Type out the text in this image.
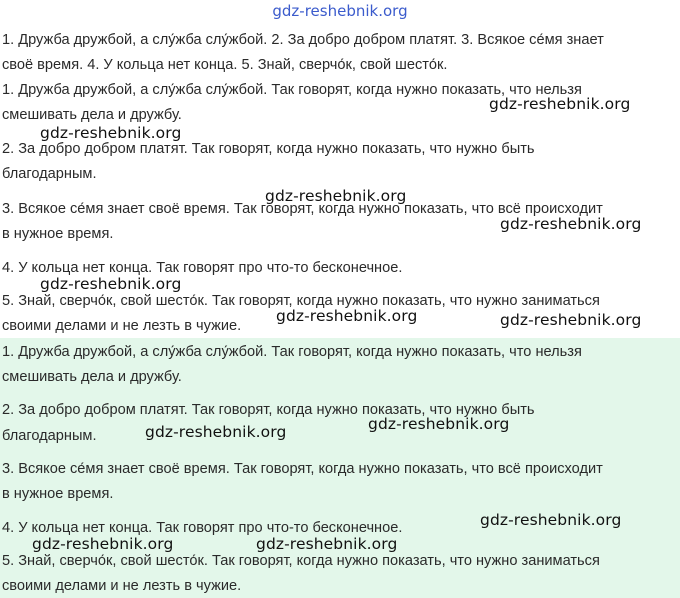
gdz-reshebnik.org
1. Дружба дружбой, а слу́жба слу́жбой. 2. За добро добром платят. 3. Всякое се́мя знает
своё время. 4. У кольца нет конца. 5. Знай, сверчо́к, свой шесто́к.
1. Дружба дружбой, а слу́жба слу́жбой. Так говорят, когда нужно показать, что нельзя
смешивать дела и дружбу.
2. За добро добром платят. Так говорят, когда нужно показать, что нужно быть
благодарным.
3. Всякое се́мя знает своё время. Так говорят, когда нужно показать, что всё происходит
в нужное время.
4. У кольца нет конца. Так говорят про что-то бесконечное.
5. Знай, сверчо́к, свой шесто́к. Так говорят, когда нужно показать, что нужно заниматься
своими делами и не лезть в чужие.
1. Дружба дружбой, а слу́жба слу́жбой. Так говорят, когда нужно показать, что нельзя
смешивать дела и дружбу.
2. За добро добром платят. Так говорят, когда нужно показать, что нужно быть
благодарным.
3. Всякое се́мя знает своё время. Так говорят, когда нужно показать, что всё происходит
в нужное время.
4. У кольца нет конца. Так говорят про что-то бесконечное.
5. Знай, сверчо́к, свой шесто́к. Так говорят, когда нужно показать, что нужно заниматься
своими делами и не лезть в чужие.
gdz-reshebnik.org
gdz-reshebnik.org
gdz-reshebnik.org
gdz-reshebnik.org
gdz-reshebnik.org
gdz-reshebnik.org	gdz-reshebnik.org
gdz-reshebnik.org
gdz-reshebnik.org
gdz-reshebnik.org
gdz-reshebnik.org	gdz-reshebnik.org
